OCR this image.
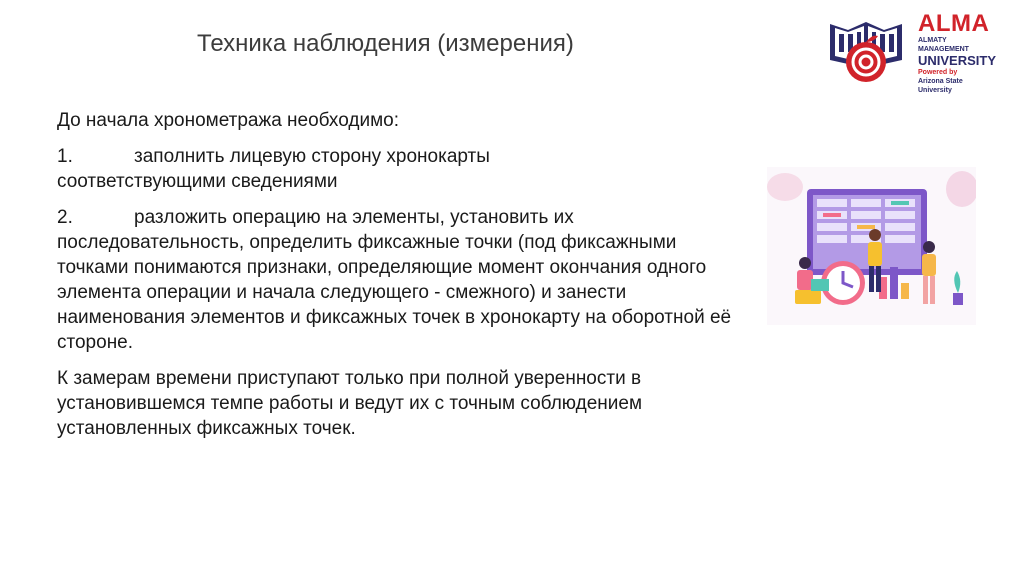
Техника наблюдения (измерения)
ALMA
ALMATY MANAGEMENT
UNIVERSITY
Powered by
Arizona State University

До начала хронометража необходимо:

1.	заполнить лицевую сторону хронокарты
соответствующими сведениями

2.	разложить операцию на элементы, установить их
последовательность, определить фиксажные точки (под фиксажными точками понимаются признаки, определяющие момент окончания одного элемента операции и начала следующего - смежного) и занести наименования элементов и фиксажных точек в хронокарту на оборотной её стороне.

К замерам времени приступают только при полной уверенности в установившемся темпе работы и ведут их с точным соблюдением установленных фиксажных точек.
